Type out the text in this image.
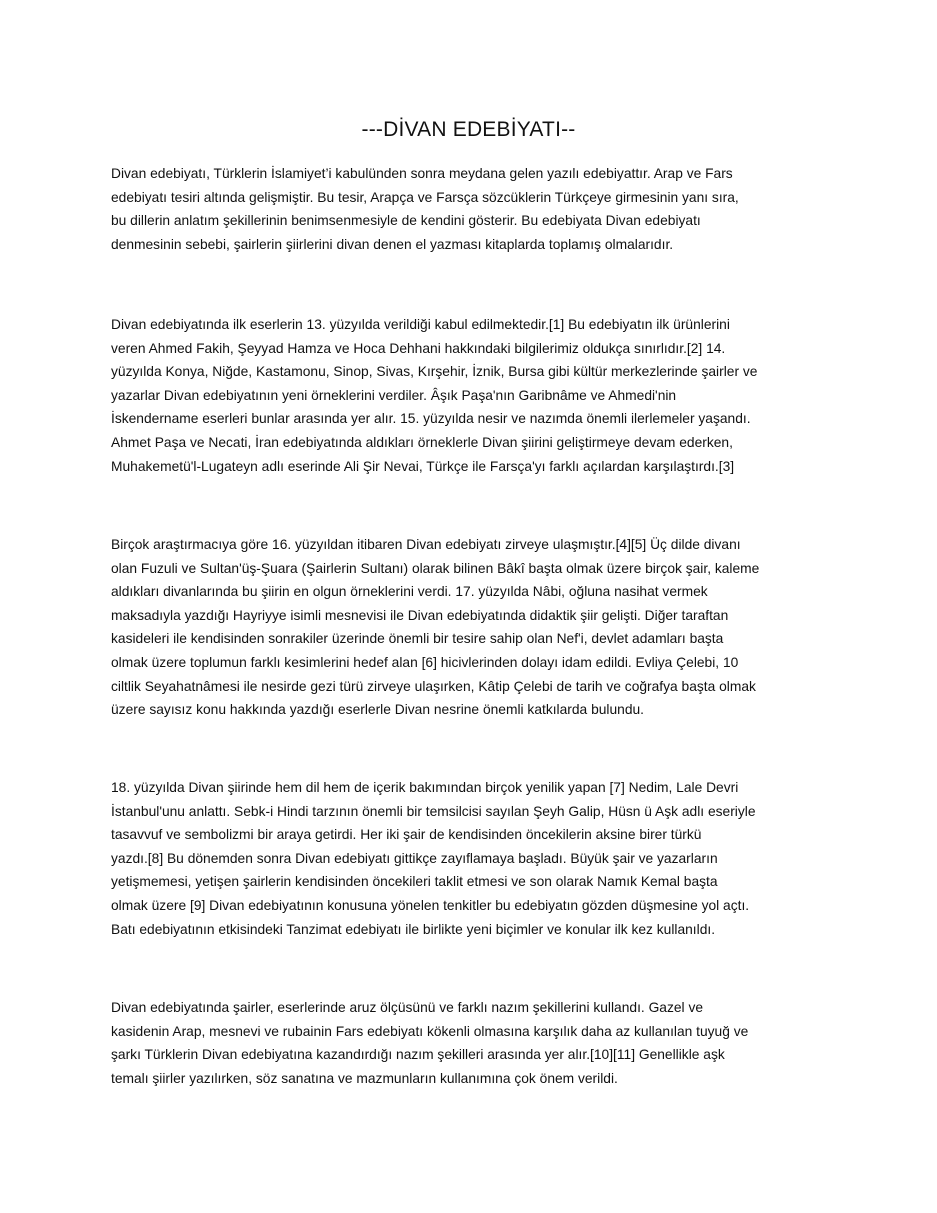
---DİVAN EDEBİYATI--

Divan edebiyatı, Türklerin İslamiyet’i kabulünden sonra meydana gelen yazılı edebiyattır. Arap ve Fars
edebiyatı tesiri altında gelişmiştir. Bu tesir, Arapça ve Farsça sözcüklerin Türkçeye girmesinin yanı sıra,
bu dillerin anlatım şekillerinin benimsenmesiyle de kendini gösterir. Bu edebiyata Divan edebiyatı
denmesinin sebebi, şairlerin şiirlerini divan denen el yazması kitaplarda toplamış olmalarıdır.

Divan edebiyatında ilk eserlerin 13. yüzyılda verildiği kabul edilmektedir.[1] Bu edebiyatın ilk ürünlerini
veren Ahmed Fakih, Şeyyad Hamza ve Hoca Dehhani hakkındaki bilgilerimiz oldukça sınırlıdır.[2] 14.
yüzyılda Konya, Niğde, Kastamonu, Sinop, Sivas, Kırşehir, İznik, Bursa gibi kültür merkezlerinde şairler ve
yazarlar Divan edebiyatının yeni örneklerini verdiler. Âşık Paşa'nın Garibnâme ve Ahmedi'nin
İskendername eserleri bunlar arasında yer alır. 15. yüzyılda nesir ve nazımda önemli ilerlemeler yaşandı.
Ahmet Paşa ve Necati, İran edebiyatında aldıkları örneklerle Divan şiirini geliştirmeye devam ederken,
Muhakemetü'l-Lugateyn adlı eserinde Ali Şir Nevai, Türkçe ile Farsça'yı farklı açılardan karşılaştırdı.[3]

Birçok araştırmacıya göre 16. yüzyıldan itibaren Divan edebiyatı zirveye ulaşmıştır.[4][5] Üç dilde divanı
olan Fuzuli ve Sultan'üş-Şuara (Şairlerin Sultanı) olarak bilinen Bâkî başta olmak üzere birçok şair, kaleme
aldıkları divanlarında bu şiirin en olgun örneklerini verdi. 17. yüzyılda Nâbi, oğluna nasihat vermek
maksadıyla yazdığı Hayriyye isimli mesnevisi ile Divan edebiyatında didaktik şiir gelişti. Diğer taraftan
kasideleri ile kendisinden sonrakiler üzerinde önemli bir tesire sahip olan Nef'i, devlet adamları başta
olmak üzere toplumun farklı kesimlerini hedef alan [6] hicivlerinden dolayı idam edildi. Evliya Çelebi, 10
ciltlik Seyahatnâmesi ile nesirde gezi türü zirveye ulaşırken, Kâtip Çelebi de tarih ve coğrafya başta olmak
üzere sayısız konu hakkında yazdığı eserlerle Divan nesrine önemli katkılarda bulundu.

18. yüzyılda Divan şiirinde hem dil hem de içerik bakımından birçok yenilik yapan [7] Nedim, Lale Devri
İstanbul'unu anlattı. Sebk-i Hindi tarzının önemli bir temsilcisi sayılan Şeyh Galip, Hüsn ü Aşk adlı eseriyle
tasavvuf ve sembolizmi bir araya getirdi. Her iki şair de kendisinden öncekilerin aksine birer türkü
yazdı.[8] Bu dönemden sonra Divan edebiyatı gittikçe zayıflamaya başladı. Büyük şair ve yazarların
yetişmemesi, yetişen şairlerin kendisinden öncekileri taklit etmesi ve son olarak Namık Kemal başta
olmak üzere [9] Divan edebiyatının konusuna yönelen tenkitler bu edebiyatın gözden düşmesine yol açtı.
Batı edebiyatının etkisindeki Tanzimat edebiyatı ile birlikte yeni biçimler ve konular ilk kez kullanıldı.

Divan edebiyatında şairler, eserlerinde aruz ölçüsünü ve farklı nazım şekillerini kullandı. Gazel ve
kasidenin Arap, mesnevi ve rubainin Fars edebiyatı kökenli olmasına karşılık daha az kullanılan tuyuğ ve
şarkı Türklerin Divan edebiyatına kazandırdığı nazım şekilleri arasında yer alır.[10][11] Genellikle aşk
temalı şiirler yazılırken, söz sanatına ve mazmunların kullanımına çok önem verildi.
